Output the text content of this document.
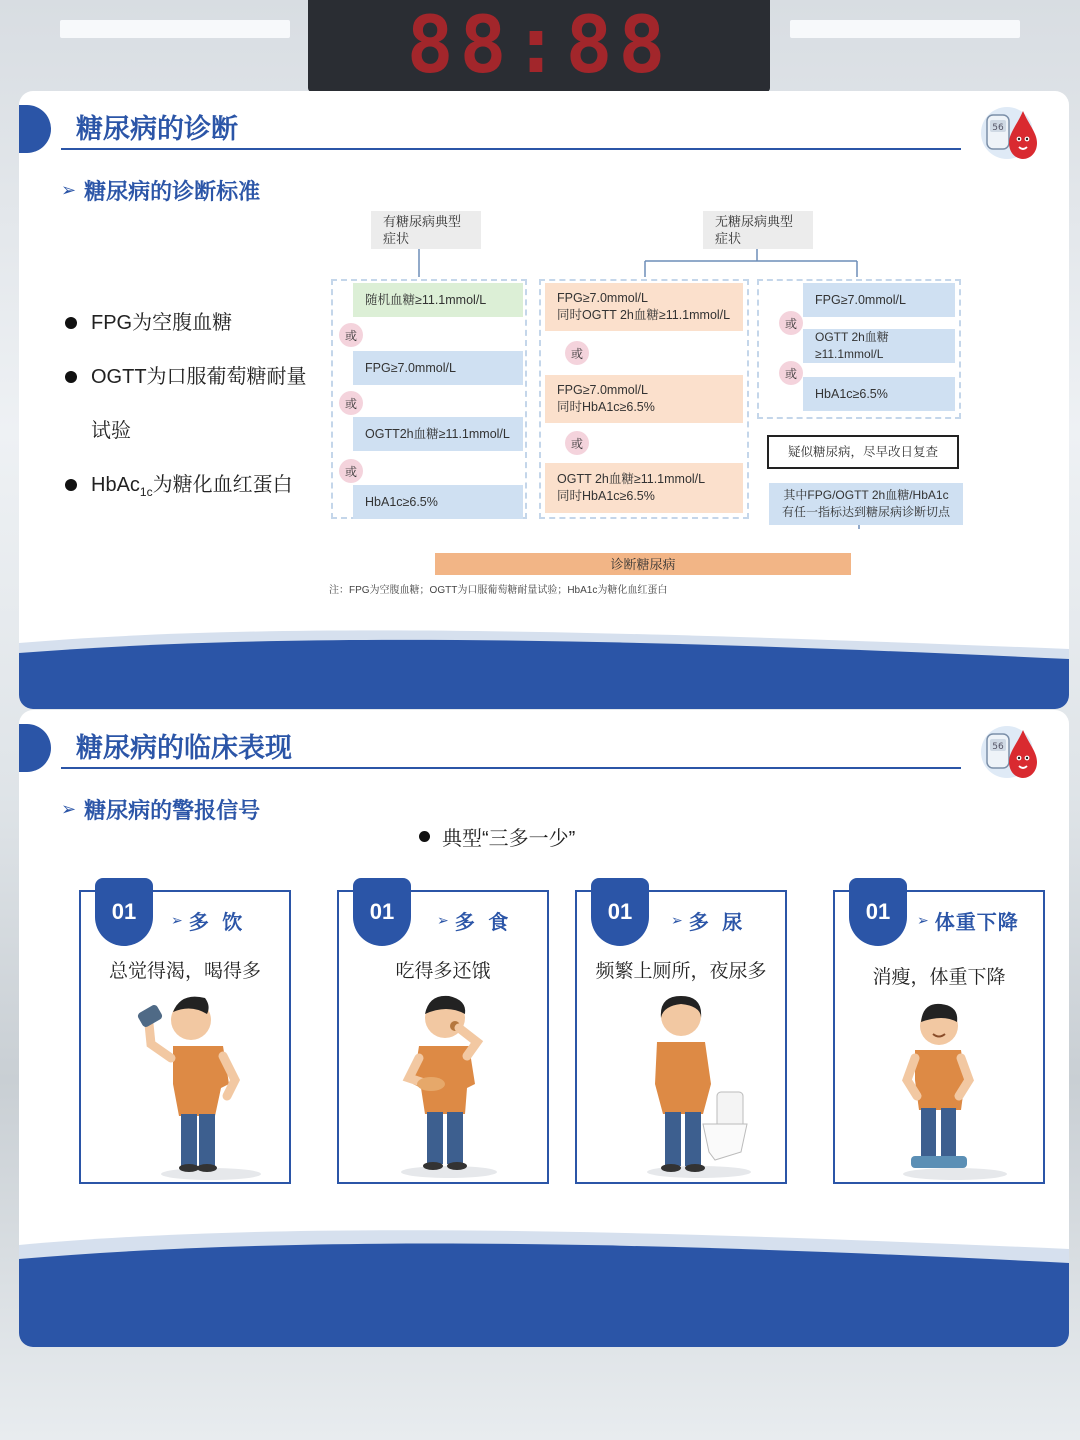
88:88
糖尿病的诊断	56
➢ 糖尿病的诊断标准
FPG为空腹血糖
OGTT为口服葡萄糖耐量
试验
HbAc$_{1c}$为糖化血红蛋白
有糖尿病典型症状
无糖尿病典型症状
随机血糖≥11.1mmol/L
或
FPG≥7.0mmol/L
或
OGTT2h血糖≥11.1mmol/L
或
HbA1c≥6.5%
FPG≥7.0mmol/L
同时OGTT 2h血糖≥11.1mmol/L
或
FPG≥7.0mmol/L
同时HbA1c≥6.5%
或
OGTT 2h血糖≥11.1mmol/L
同时HbA1c≥6.5%
FPG≥7.0mmol/L
或
OGTT 2h血糖≥11.1mmol/L
或
HbA1c≥6.5%
疑似糖尿病，尽早改日复查
其中FPG/OGTT 2h血糖/HbA1c
有任一指标达到糖尿病诊断切点
诊断糖尿病
注：FPG为空腹血糖；OGTT为口服葡萄糖耐量试验；HbA1c为糖化血红蛋白
糖尿病的临床表现	56
➢ 糖尿病的警报信号
典型“三多一少”
01	➢ 多 饮
总觉得渴，喝得多
01	➢ 多 食
吃得多还饿
01	➢ 多 尿
频繁上厕所，夜尿多
01	➢ 体重下降
消瘦，体重下降
